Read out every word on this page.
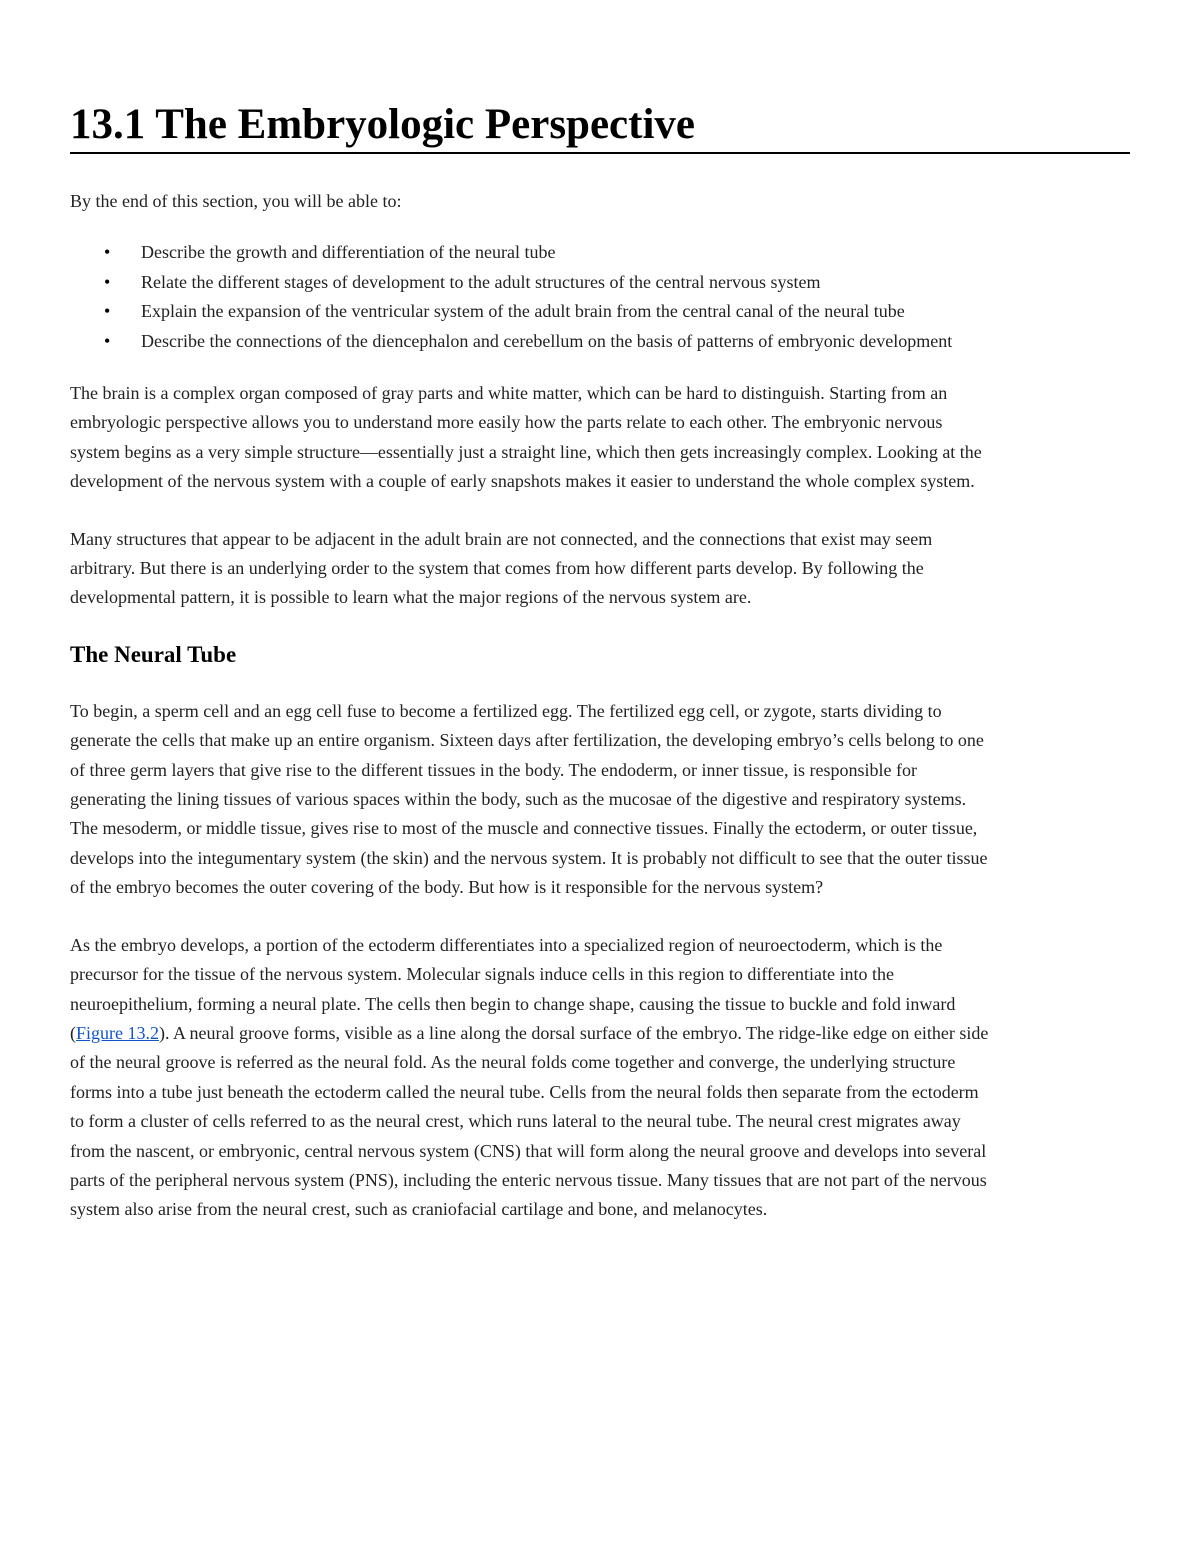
13.1 The Embryologic Perspective

By the end of this section, you will be able to:

• Describe the growth and differentiation of the neural tube
• Relate the different stages of development to the adult structures of the central nervous system
• Explain the expansion of the ventricular system of the adult brain from the central canal of the neural tube
• Describe the connections of the diencephalon and cerebellum on the basis of patterns of embryonic development

The brain is a complex organ composed of gray parts and white matter, which can be hard to distinguish. Starting from an
embryologic perspective allows you to understand more easily how the parts relate to each other. The embryonic nervous
system begins as a very simple structure—essentially just a straight line, which then gets increasingly complex. Looking at the
development of the nervous system with a couple of early snapshots makes it easier to understand the whole complex system.

Many structures that appear to be adjacent in the adult brain are not connected, and the connections that exist may seem
arbitrary. But there is an underlying order to the system that comes from how different parts develop. By following the
developmental pattern, it is possible to learn what the major regions of the nervous system are.

The Neural Tube

To begin, a sperm cell and an egg cell fuse to become a fertilized egg. The fertilized egg cell, or zygote, starts dividing to
generate the cells that make up an entire organism. Sixteen days after fertilization, the developing embryo’s cells belong to one
of three germ layers that give rise to the different tissues in the body. The endoderm, or inner tissue, is responsible for
generating the lining tissues of various spaces within the body, such as the mucosae of the digestive and respiratory systems.
The mesoderm, or middle tissue, gives rise to most of the muscle and connective tissues. Finally the ectoderm, or outer tissue,
develops into the integumentary system (the skin) and the nervous system. It is probably not difficult to see that the outer tissue
of the embryo becomes the outer covering of the body. But how is it responsible for the nervous system?

As the embryo develops, a portion of the ectoderm differentiates into a specialized region of neuroectoderm, which is the
precursor for the tissue of the nervous system. Molecular signals induce cells in this region to differentiate into the
neuroepithelium, forming a neural plate. The cells then begin to change shape, causing the tissue to buckle and fold inward
(Figure 13.2). A neural groove forms, visible as a line along the dorsal surface of the embryo. The ridge-like edge on either side
of the neural groove is referred as the neural fold. As the neural folds come together and converge, the underlying structure
forms into a tube just beneath the ectoderm called the neural tube. Cells from the neural folds then separate from the ectoderm
to form a cluster of cells referred to as the neural crest, which runs lateral to the neural tube. The neural crest migrates away
from the nascent, or embryonic, central nervous system (CNS) that will form along the neural groove and develops into several
parts of the peripheral nervous system (PNS), including the enteric nervous tissue. Many tissues that are not part of the nervous
system also arise from the neural crest, such as craniofacial cartilage and bone, and melanocytes.
